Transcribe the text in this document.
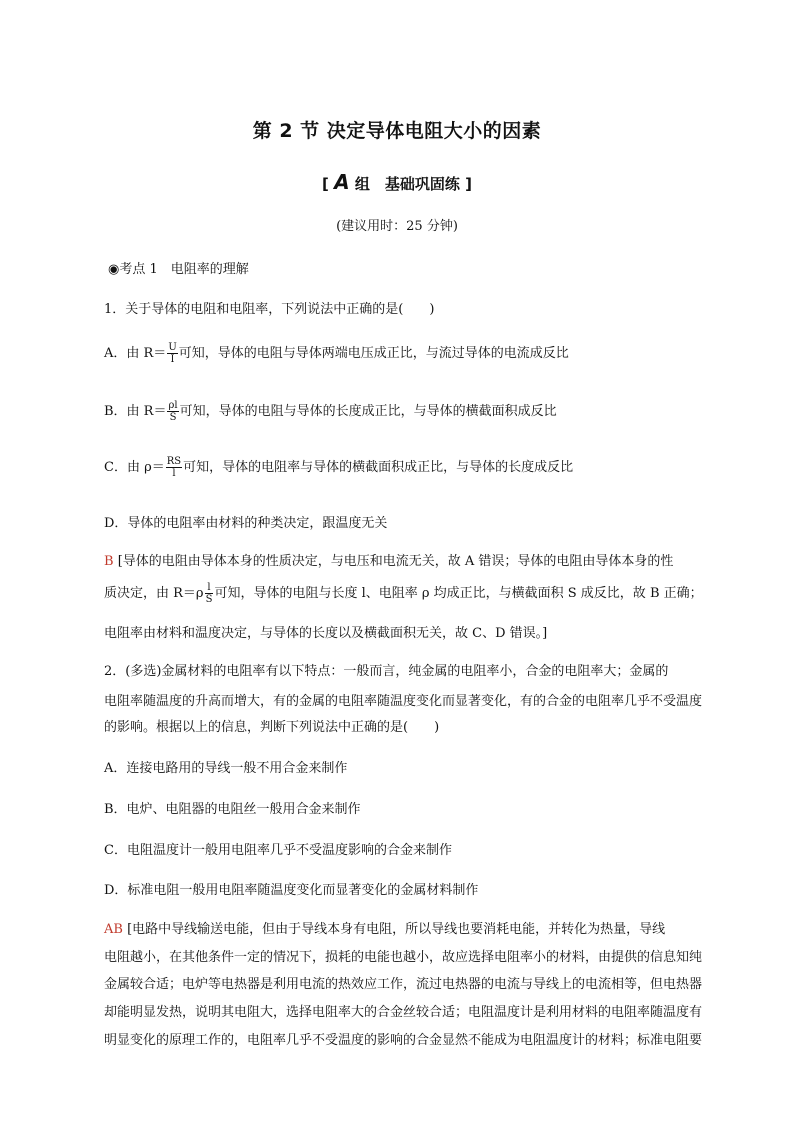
第 2 节 决定导体电阻大小的因素
[ A 组　基础巩固练 ]
(建议用时：25 分钟)
◉考点 1　电阻率的理解
1．关于导体的电阻和电阻率，下列说法中正确的是(　　)
A．由 $R= \frac{U}{I}$ 可知，导体的电阻与导体两端电压成正比，与流过导体的电流成反比
B．由 $R= \frac{\rho l}{S}$ 可知，导体的电阻与导体的长度成正比，与导体的横截面积成反比
C．由 $\rho= \frac{RS}{l}$ 可知，导体的电阻率与导体的横截面积成正比，与导体的长度成反比
D．导体的电阻率由材料的种类决定，跟温度无关
B [导体的电阻由导体本身的性质决定，与电压和电流无关，故 A 错误；导体的电阻由导体本身的性
质决定，由 $R=\rho \frac{l}{S}$ 可知，导体的电阻与长度 l、电阻率 ρ 均成正比，与横截面积 S 成反比，故 B 正确；
电阻率由材料和温度决定，与导体的长度以及横截面积无关，故 C、D 错误。]
2．(多选)金属材料的电阻率有以下特点：一般而言，纯金属的电阻率小，合金的电阻率大；金属的
电阻率随温度的升高而增大，有的金属的电阻率随温度变化而显著变化，有的合金的电阻率几乎不受温度
的影响。根据以上的信息，判断下列说法中正确的是(　　)
A．连接电路用的导线一般不用合金来制作
B．电炉、电阻器的电阻丝一般用合金来制作
C．电阻温度计一般用电阻率几乎不受温度影响的合金来制作
D．标准电阻一般用电阻率随温度变化而显著变化的金属材料制作
AB [电路中导线输送电能，但由于导线本身有电阻，所以导线也要消耗电能，并转化为热量，导线
电阻越小，在其他条件一定的情况下，损耗的电能也越小，故应选择电阻率小的材料，由提供的信息知纯
金属较合适；电炉等电热器是利用电流的热效应工作，流过电热器的电流与导线上的电流相等，但电热器
却能明显发热，说明其电阻大，选择电阻率大的合金丝较合适；电阻温度计是利用材料的电阻率随温度有
明显变化的原理工作的，电阻率几乎不受温度的影响的合金显然不能成为电阻温度计的材料；标准电阻要
